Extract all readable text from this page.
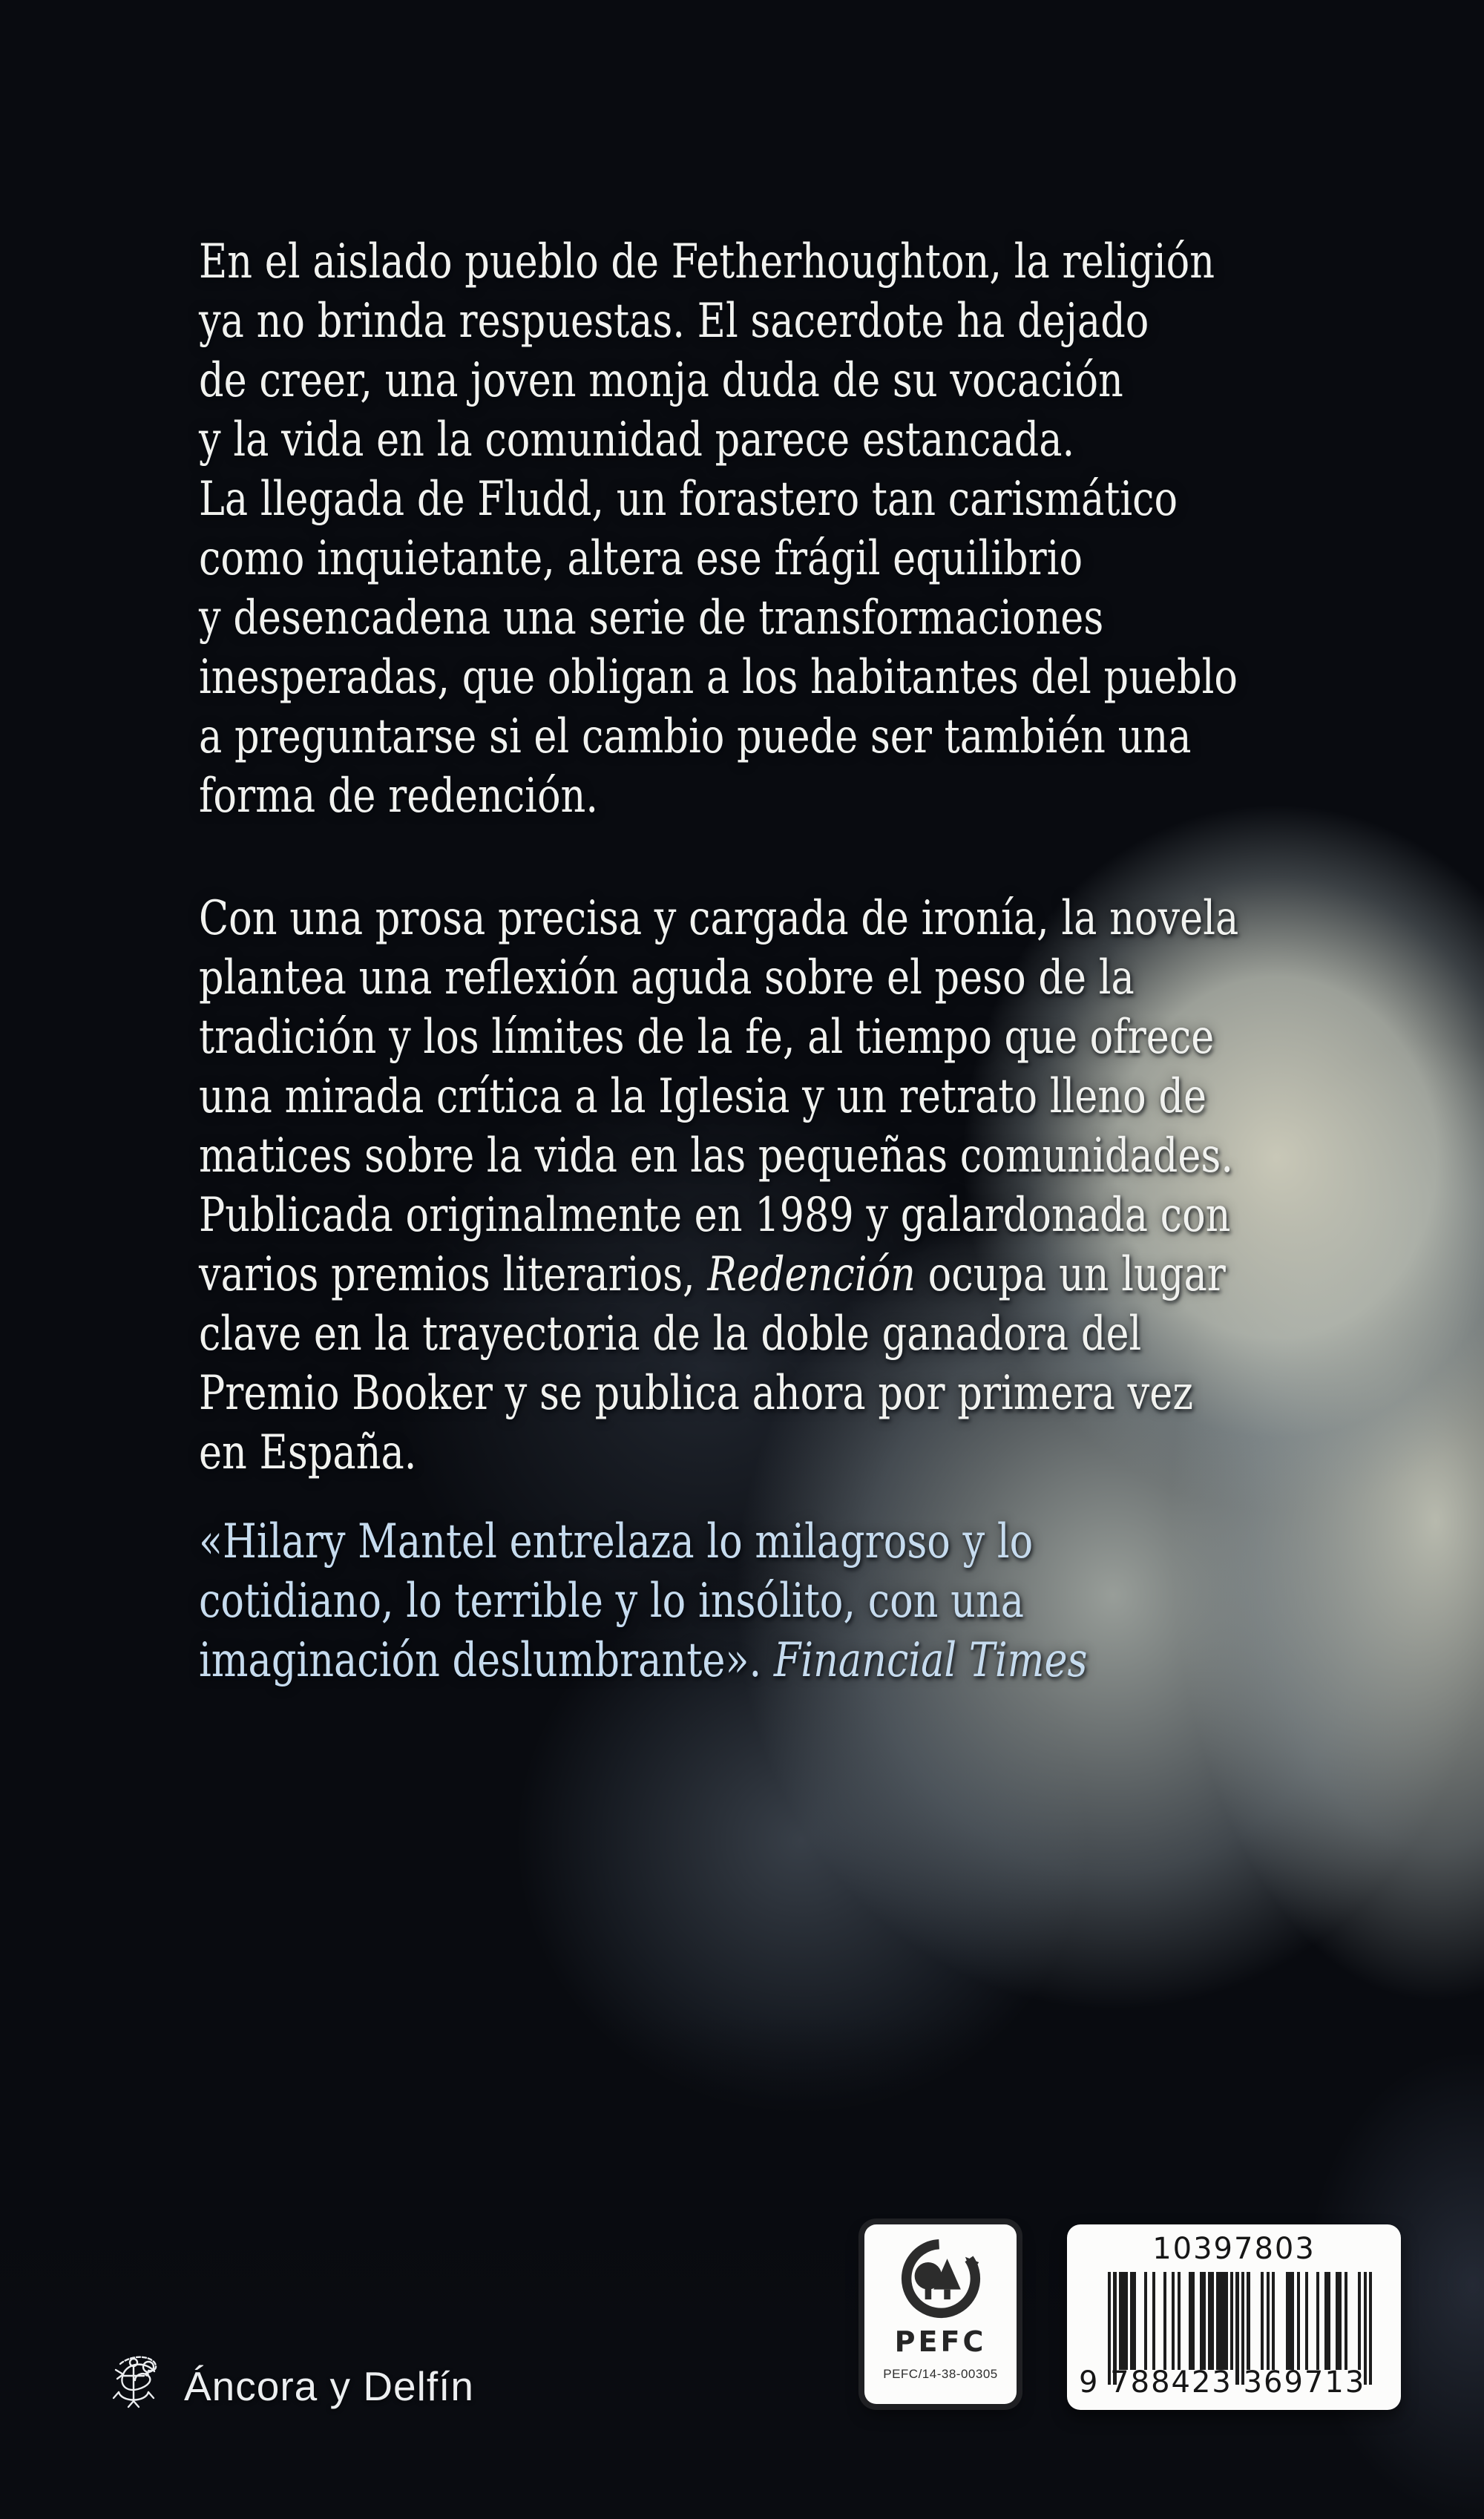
En el aislado pueblo de Fetherhoughton, la religión
ya no brinda respuestas. El sacerdote ha dejado
de creer, una joven monja duda de su vocación
y la vida en la comunidad parece estancada.
La llegada de Fludd, un forastero tan carismático
como inquietante, altera ese frágil equilibrio
y desencadena una serie de transformaciones
inesperadas, que obligan a los habitantes del pueblo
a preguntarse si el cambio puede ser también una
forma de redención.
Con una prosa precisa y cargada de ironía, la novela
plantea una reflexión aguda sobre el peso de la
tradición y los límites de la fe, al tiempo que ofrece
una mirada crítica a la Iglesia y un retrato lleno de
matices sobre la vida en las pequeñas comunidades.
Publicada originalmente en 1989 y galardonada con
varios premios literarios, Redención ocupa un lugar
clave en la trayectoria de la doble ganadora del
Premio Booker y se publica ahora por primera vez
en España.
«Hilary Mantel entrelaza lo milagroso y lo
cotidiano, lo terrible y lo insólito, con una
imaginación deslumbrante». Financial Times
Áncora y Delfín
PEFC
PEFC/14-38-00305
10397803
9 788423 369713
